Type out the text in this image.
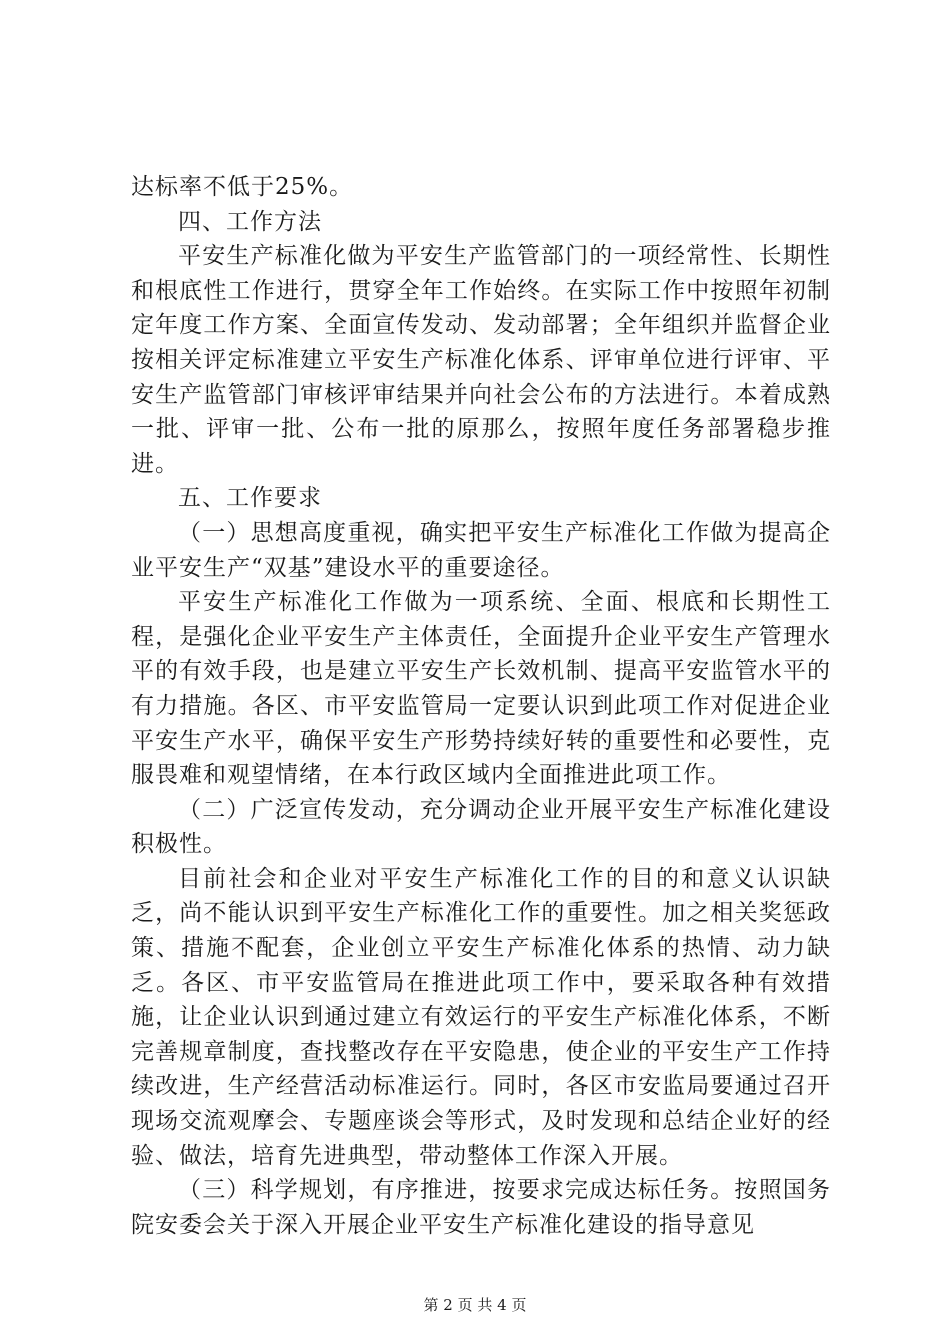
达标率不低于25%。

四、工作方法

平安生产标准化做为平安生产监管部门的一项经常性、长期性和根底性工作进行，贯穿全年工作始终。在实际工作中按照年初制定年度工作方案、全面宣传发动、发动部署；全年组织并监督企业按相关评定标准建立平安生产标准化体系、评审单位进行评审、平安生产监管部门审核评审结果并向社会公布的方法进行。本着成熟一批、评审一批、公布一批的原那么，按照年度任务部署稳步推进。

五、工作要求

（一）思想高度重视，确实把平安生产标准化工作做为提高企业平安生产“双基”建设水平的重要途径。

平安生产标准化工作做为一项系统、全面、根底和长期性工程，是强化企业平安生产主体责任，全面提升企业平安生产管理水平的有效手段，也是建立平安生产长效机制、提高平安监管水平的有力措施。各区、市平安监管局一定要认识到此项工作对促进企业平安生产水平，确保平安生产形势持续好转的重要性和必要性，克服畏难和观望情绪，在本行政区域内全面推进此项工作。

（二）广泛宣传发动，充分调动企业开展平安生产标准化建设积极性。

目前社会和企业对平安生产标准化工作的目的和意义认识缺乏，尚不能认识到平安生产标准化工作的重要性。加之相关奖惩政策、措施不配套，企业创立平安生产标准化体系的热情、动力缺乏。各区、市平安监管局在推进此项工作中，要采取各种有效措施，让企业认识到通过建立有效运行的平安生产标准化体系，不断完善规章制度，查找整改存在平安隐患，使企业的平安生产工作持续改进，生产经营活动标准运行。同时，各区市安监局要通过召开现场交流观摩会、专题座谈会等形式，及时发现和总结企业好的经验、做法，培育先进典型，带动整体工作深入开展。

（三）科学规划，有序推进，按要求完成达标任务。按照国务院安委会关于深入开展企业平安生产标准化建设的指导意见

第 2 页 共 4 页
